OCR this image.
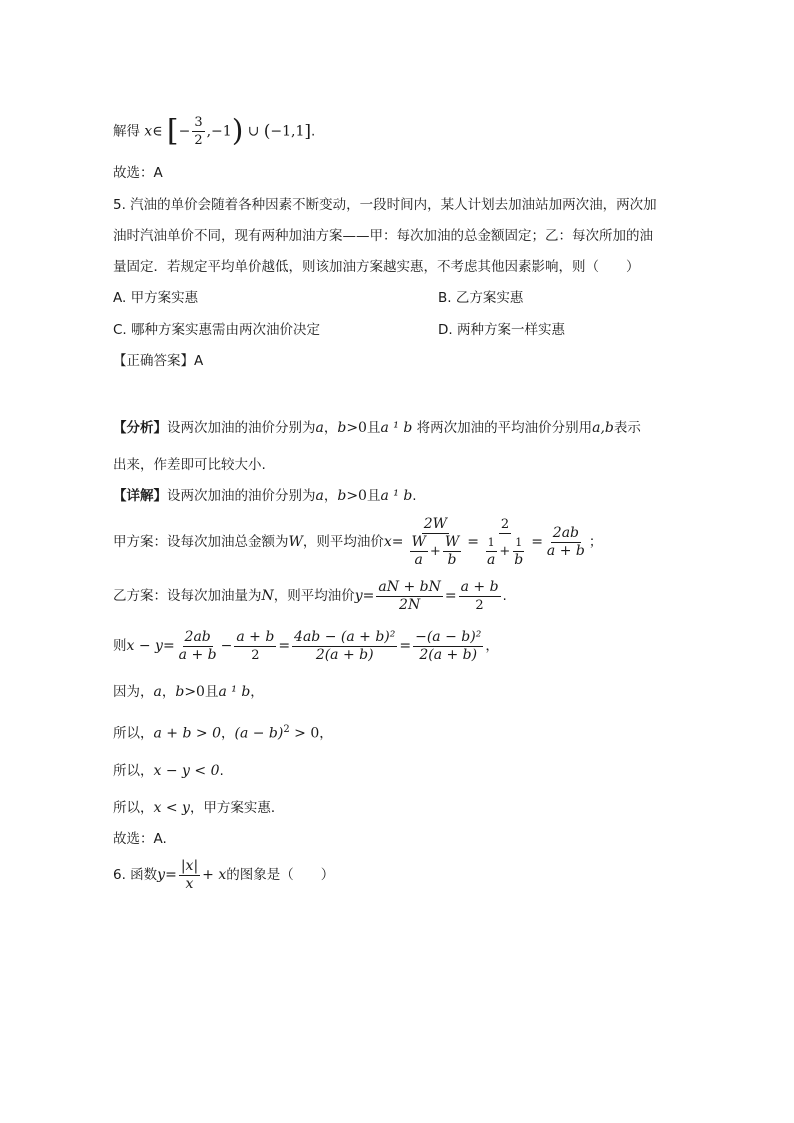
解得 x∈ [− $\frac{3}{2} ,-1$) ∪ (−1,1].
故选：A
5. 汽油的单价会随着各种因素不断变动，一段时间内，某人计划去加油站加两次油，两次加
油时汽油单价不同，现有两种加油方案——甲：每次加油的总金额固定；乙：每次所加的油
量固定．若规定平均单价越低，则该加油方案越实惠，不考虑其他因素影响，则（　　）
A. 甲方案实惠	B. 乙方案实惠
C. 哪种方案实惠需由两次油价决定	D. 两种方案一样实惠
【正确答案】A
【分析】设两次加油的油价分别为a，b>0且a ¹ b 将两次加油的平均油价分别用a,b表示
出来，作差即可比较大小.
【详解】设两次加油的油价分别为a，b>0且a ¹ b.
甲方案：设每次加油总金额为W，则平均油价$x= \frac{2W}{\frac{W}{a} + \frac{W}{b}} = \frac{2}{\frac{1}{a} + \frac{1}{b}} = \frac{2ab}{a + b}$ ；
乙方案：设每次加油量为N，则平均油价$y= \frac{aN + bN}{2N} = \frac{a + b}{2}$ .
则$x - y= \frac{2ab}{a + b} - \frac{a + b}{2} = \frac{\text{4ab − (a + b)²}}{2(a + b)} = \frac{\text{−(a − b)²}}{2(a + b)}$ ，
因为，a，b>0且a ¹ b，
所以，a + b > 0，$(a - b)^2 > 0$，
所以，x − y < 0.
所以，x < y，甲方案实惠．
故选：A.
6. 函数$y= \frac{|x|}{x} + x$的图象是（　　）
